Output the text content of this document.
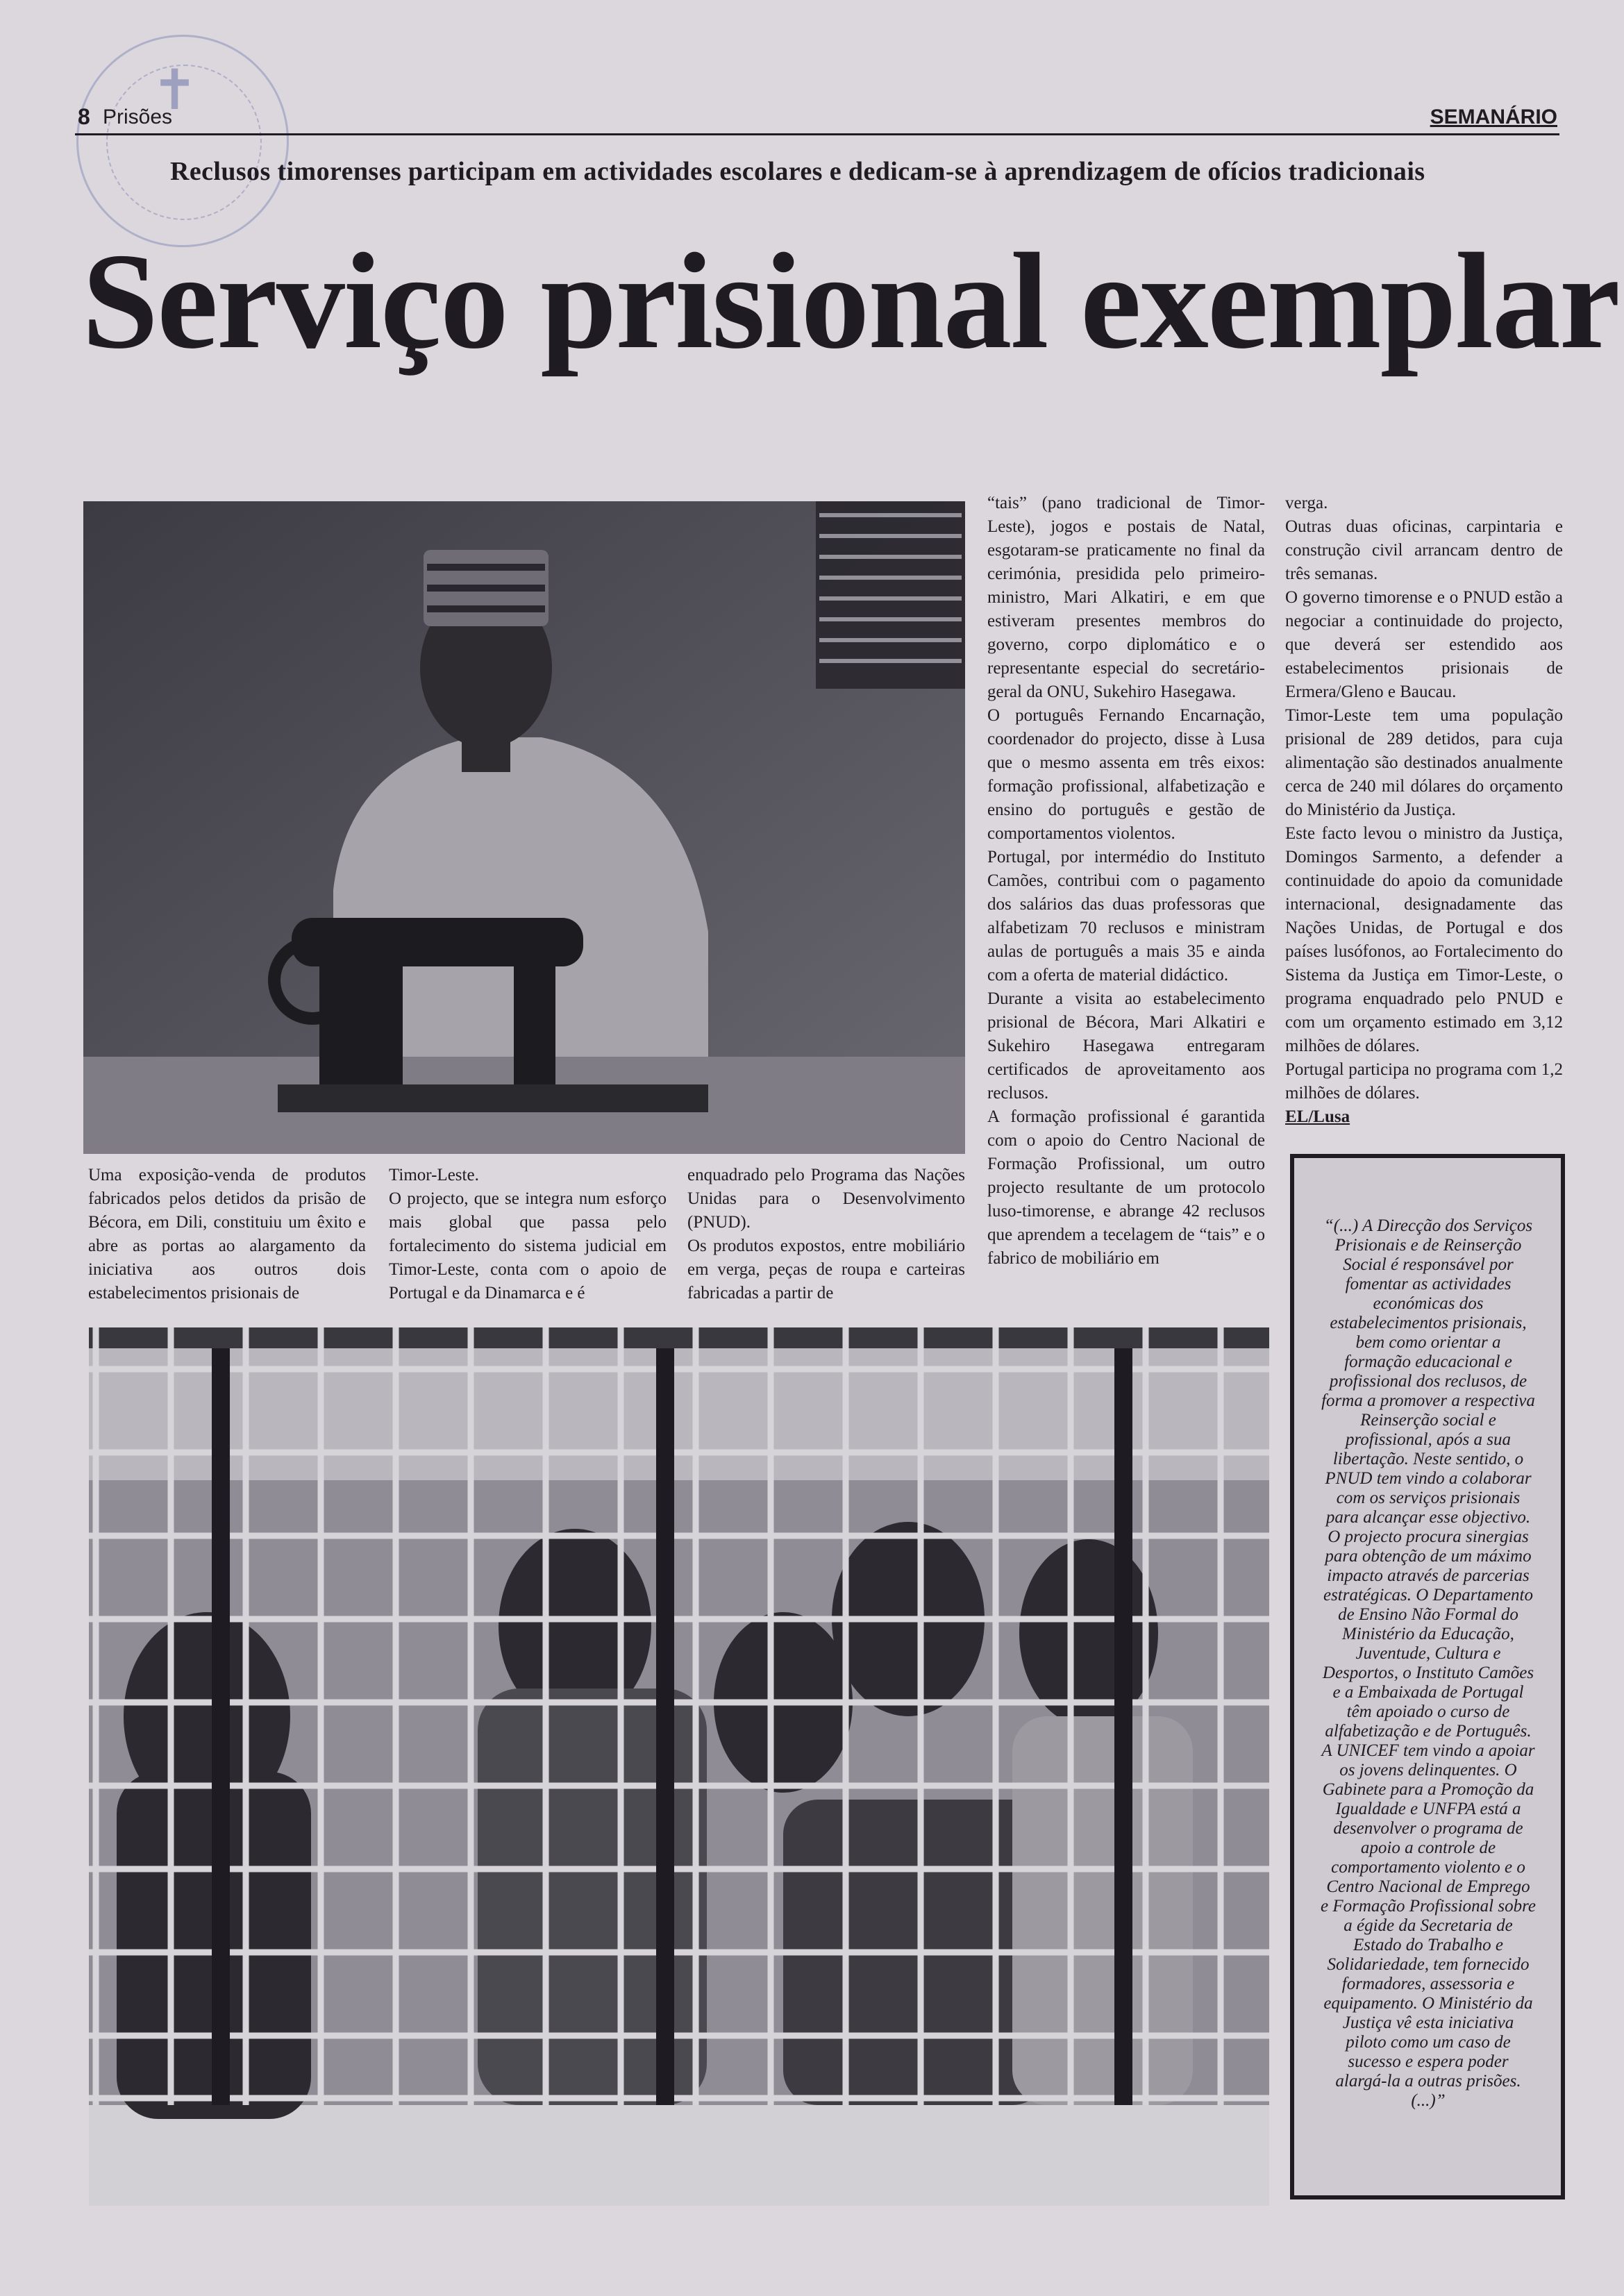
✝
8 Prisões	SEMANÁRIO
Reclusos timorenses participam em actividades escolares e dedicam-se à aprendizagem de ofícios tradicionais
Serviço prisional exemplar

Uma exposição-venda de produtos fabricados pelos detidos da prisão de Bécora, em Dili, constituiu um êxito e abre as portas ao alargamento da iniciativa aos outros dois estabelecimentos prisionais de

Timor-Leste.

O projecto, que se integra num esforço mais global que passa pelo fortalecimento do sistema judicial em Timor-Leste, conta com o apoio de Portugal e da Dinamarca e é

enquadrado pelo Programa das Nações Unidas para o Desenvolvimento (PNUD).

Os produtos expostos, entre mobiliário em verga, peças de roupa e carteiras fabricadas a partir de

“tais” (pano tradicional de Timor-Leste), jogos e postais de Natal, esgotaram-se praticamente no final da cerimónia, presidida pelo primeiro-ministro, Mari Alkatiri, e em que estiveram presentes membros do governo, corpo diplomático e o representante especial do secretário-geral da ONU, Sukehiro Hasegawa.

O português Fernando Encarnação, coordenador do projecto, disse à Lusa que o mesmo assenta em três eixos: formação profissional, alfabetização e ensino do português e gestão de comportamentos violentos.

Portugal, por intermédio do Instituto Camões, contribui com o pagamento dos salários das duas professoras que alfabetizam 70 reclusos e ministram aulas de português a mais 35 e ainda com a oferta de material didáctico.

Durante a visita ao estabelecimento prisional de Bécora, Mari Alkatiri e Sukehiro Hasegawa entregaram certificados de aproveitamento aos reclusos.

A formação profissional é garantida com o apoio do Centro Nacional de Formação Profissional, um outro projecto resultante de um protocolo luso-timorense, e abrange 42 reclusos que aprendem a tecelagem de “tais” e o fabrico de mobiliário em

verga.

Outras duas oficinas, carpintaria e construção civil arrancam dentro de três semanas.

O governo timorense e o PNUD estão a negociar a continuidade do projecto, que deverá ser estendido aos estabelecimentos prisionais de Ermera/Gleno e Baucau.

Timor-Leste tem uma população prisional de 289 detidos, para cuja alimentação são destinados anualmente cerca de 240 mil dólares do orçamento do Ministério da Justiça.

Este facto levou o ministro da Justiça, Domingos Sarmento, a defender a continuidade do apoio da comunidade internacional, designadamente das Nações Unidas, de Portugal e dos países lusófonos, ao Fortalecimento do Sistema da Justiça em Timor-Leste, o programa enquadrado pelo PNUD e com um orçamento estimado em 3,12 milhões de dólares.

Portugal participa no programa com 1,2 milhões de dólares.

EL/Lusa

“(...) A Direcção dos Serviços Prisionais e de Reinserção Social é responsável por fomentar as actividades económicas dos estabelecimentos prisionais, bem como orientar a formação educacional e profissional dos reclusos, de forma a promover a respectiva Reinserção social e profissional, após a sua libertação. Neste sentido, o PNUD tem vindo a colaborar com os serviços prisionais para alcançar esse objectivo. O projecto procura sinergias para obtenção de um máximo impacto através de parcerias estratégicas. O Departamento de Ensino Não Formal do Ministério da Educação, Juventude, Cultura e Desportos, o Instituto Camões e a Embaixada de Portugal têm apoiado o curso de alfabetização e de Português. A UNICEF tem vindo a apoiar os jovens delinquentes. O Gabinete para a Promoção da Igualdade e UNFPA está a desenvolver o programa de apoio a controle de comportamento violento e o Centro Nacional de Emprego e Formação Profissional sobre a égide da Secretaria de Estado do Trabalho e Solidariedade, tem fornecido formadores, assessoria e equipamento. O Ministério da Justiça vê esta iniciativa piloto como um caso de sucesso e espera poder alargá-la a outras prisões. (...)”
